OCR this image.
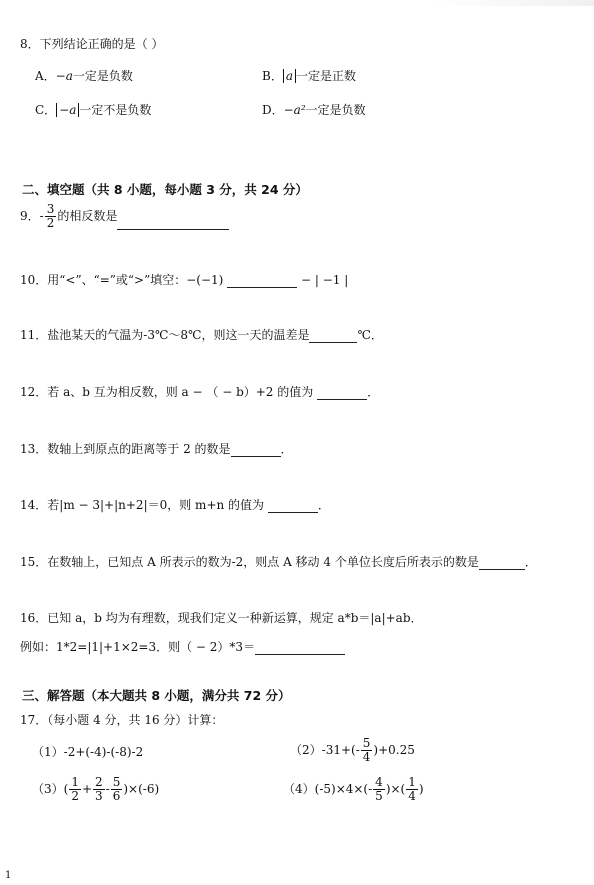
8．下列结论正确的是（ ）
A．−a一定是负数	B． a 一定是正数
C． −a 一定不是负数	D．−a²一定是负数
二、填空题（共 8 小题，每小题 3 分，共 24 分）
9．- $\frac{3}{2}$ 的相反数是
10．用“<”、“=”或“>”填空：−(−1)	− | −1 |
11．盐池某天的气温为-3℃～8℃，则这一天的温差是	℃．
12．若 a、b 互为相反数，则 a − （ − b）+2 的值为	．
13．数轴上到原点的距离等于 2 的数是	．
14．若|m − 3|+|n+2|＝0，则 m+n 的值为	．
15．在数轴上，已知点 A 所表示的数为-2，则点 A 移动 4 个单位长度后所表示的数是	．
16．已知 a，b 均为有理数，现我们定义一种新运算，规定 a*b＝|a|+ab．
例如：1*2=|1|+1×2=3．则（ − 2）*3＝
三、解答题（本大题共 8 小题，满分共 72 分）
17．（每小题 4 分，共 16 分）计算：
（1）-2+(-4)-(-8)-2	$(2)-31+(- \frac{5}{4} )+0.25$
$(3)( \frac{1}{2} + \frac{2}{3} - \frac{5}{6} )\times(-6)$	$(4)(-5)\times 4\times(- \frac{4}{5}$ )×( $\frac{1}{4}$ )
1
